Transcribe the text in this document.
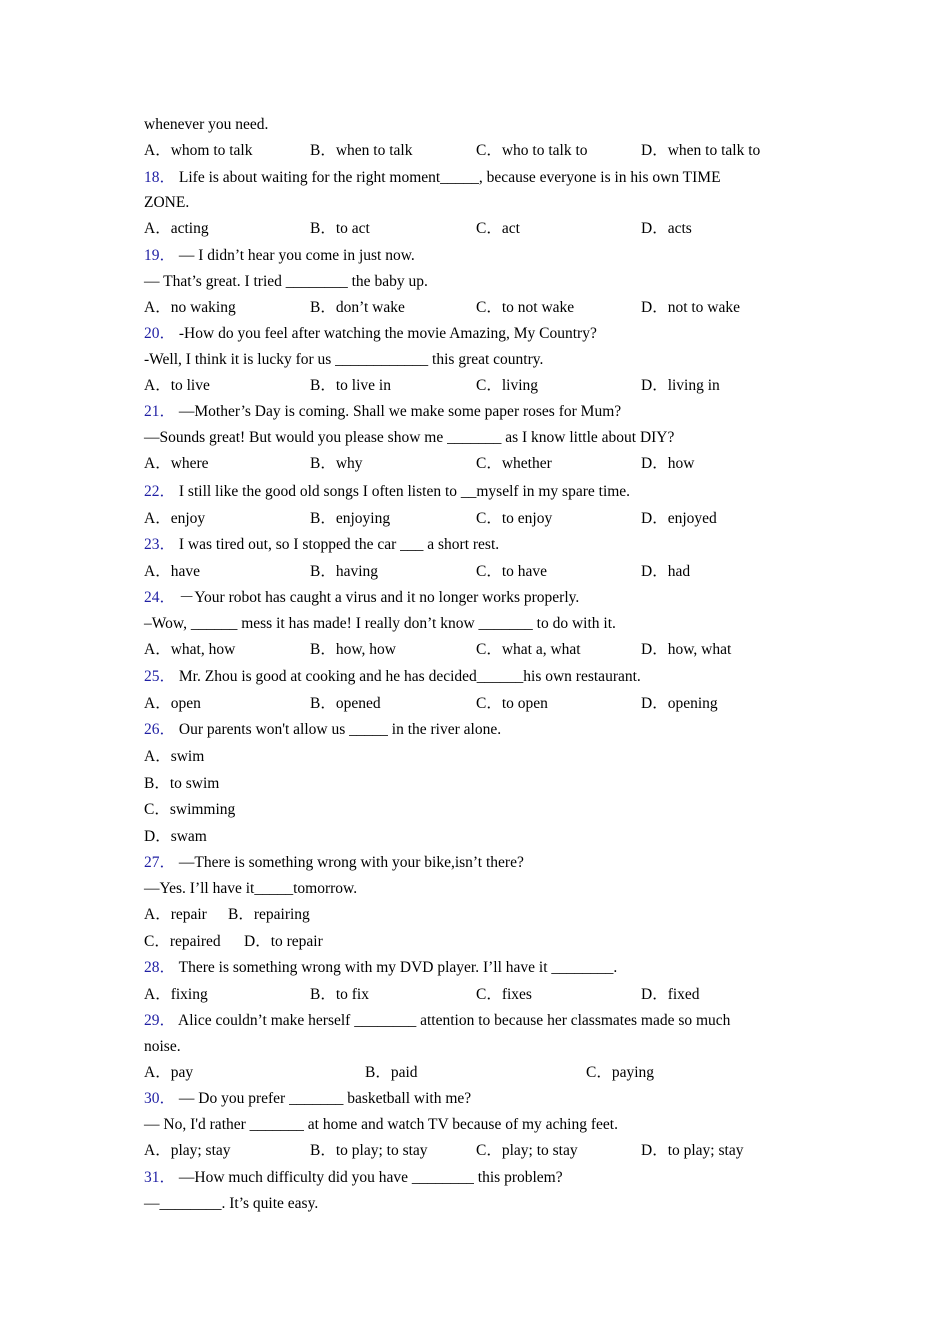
whenever you need.
A．whom to talk	B．when to talk	C．who to talk to	D．when to talk to
18． Life is about waiting for the right moment_____, because everyone is in his own TIME
ZONE.
A．acting	B．to act	C．act	D．acts
19． — I didn’t hear you come in just now.
— That’s great. I tried ________ the baby up.
A．no waking	B．don’t wake	C．to not wake	D．not to wake
20． -How do you feel after watching the movie Amazing, My Country?
-Well, I think it is lucky for us ____________ this great country.
A．to live	B．to live in	C．living	D．living in
21． —Mother’s Day is coming. Shall we make some paper roses for Mum?
—Sounds great! But would you please show me _______ as I know little about DIY?
A．where	B．why	C．whether	D．how
22． I still like the good old songs I often listen to __myself in my spare time.
A．enjoy	B．enjoying	C．to enjoy	D．enjoyed
23． I was tired out, so I stopped the car ___ a short rest.
A．have	B．having	C．to have	D．had
24． －Your robot has caught a virus and it no longer works properly.
–Wow, ______ mess it has made! I really don’t know _______ to do with it.
A．what, how	B．how, how	C．what a, what	D．how, what
25． Mr. Zhou is good at cooking and he has decided______his own restaurant.
A．open	B．opened	C．to open	D．opening
26． Our parents won't allow us _____ in the river alone.
A．swim
B．to swim
C．swimming
D．swam
27． —There is something wrong with your bike,isn’t there?
—Yes. I’ll have it_____tomorrow.
A．repair B．repairing
C．repaired D．to repair
28． There is something wrong with my DVD player. I’ll have it ________.
A．fixing	B．to fix	C．fixes	D．fixed
29． Alice couldn’t make herself ________ attention to because her classmates made so much
noise.
A．pay	B．paid	C．paying
30． — Do you prefer _______ basketball with me?
— No, I'd rather _______ at home and watch TV because of my aching feet.
A．play; stay	B．to play; to stay	C．play; to stay	D．to play; stay
31． —How much difficulty did you have ________ this problem?
—________. It’s quite easy.
